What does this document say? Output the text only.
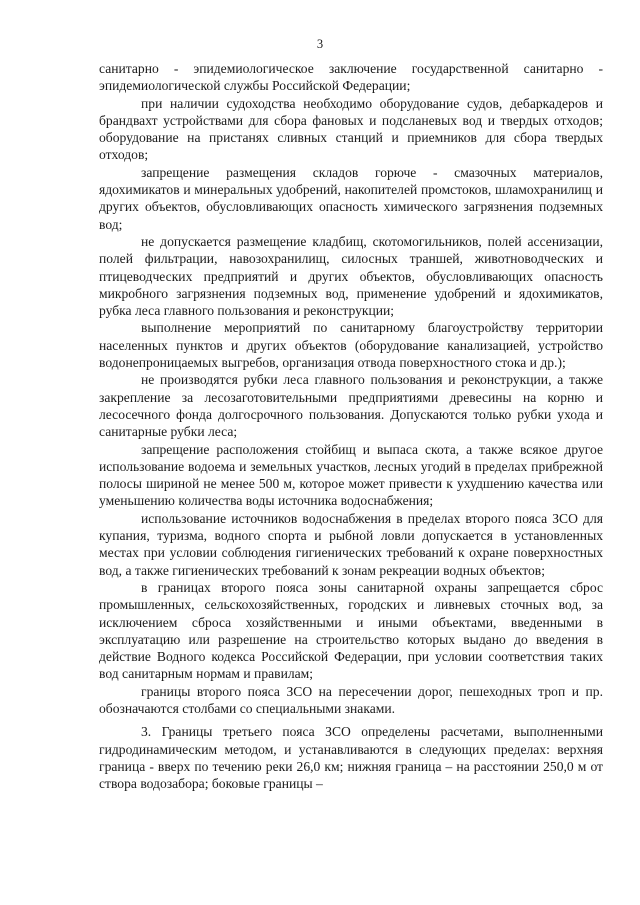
3

санитарно - эпидемиологическое заключение государственной санитарно - эпидемиологической службы Российской Федерации;

при наличии судоходства необходимо оборудование судов, дебаркадеров и брандвахт устройствами для сбора фановых и подсланевых вод и твердых отходов; оборудование на пристанях сливных станций и приемников для сбора твердых отходов;

запрещение размещения складов горюче - смазочных материалов, ядохимикатов и минеральных удобрений, накопителей промстоков, шламохранилищ и других объектов, обусловливающих опасность химического загрязнения подземных вод;

не допускается размещение кладбищ, скотомогильников, полей ассенизации, полей фильтрации, навозохранилищ, силосных траншей, животноводческих и птицеводческих предприятий и других объектов, обусловливающих опасность микробного загрязнения подземных вод, применение удобрений и ядохимикатов, рубка леса главного пользования и реконструкции;

выполнение мероприятий по санитарному благоустройству территории населенных пунктов и других объектов (оборудование канализацией, устройство водонепроницаемых выгребов, организация отвода поверхностного стока и др.);

не производятся рубки леса главного пользования и реконструкции, а также закрепление за лесозаготовительными предприятиями древесины на корню и лесосечного фонда долгосрочного пользования. Допускаются только рубки ухода и санитарные рубки леса;

запрещение расположения стойбищ и выпаса скота, а также всякое другое использование водоема и земельных участков, лесных угодий в пределах прибрежной полосы шириной не менее 500 м, которое может привести к ухудшению качества или уменьшению количества воды источника водоснабжения;

использование источников водоснабжения в пределах второго пояса ЗСО для купания, туризма, водного спорта и рыбной ловли допускается в установленных местах при условии соблюдения гигиенических требований к охране поверхностных вод, а также гигиенических требований к зонам рекреации водных объектов;

в границах второго пояса зоны санитарной охраны запрещается сброс промышленных, сельскохозяйственных, городских и ливневых сточных вод, за исключением сброса хозяйственными и иными объектами, введенными в эксплуатацию или разрешение на строительство которых выдано до введения в действие Водного кодекса Российской Федерации, при условии соответствия таких вод санитарным нормам и правилам;

границы второго пояса ЗСО на пересечении дорог, пешеходных троп и пр. обозначаются столбами со специальными знаками.

3. Границы третьего пояса ЗСО определены расчетами, выполненными гидродинамическим методом, и устанавливаются в следующих пределах: верхняя граница - вверх по течению реки 26,0 км; нижняя граница – на расстоянии 250,0 м от створа водозабора; боковые границы –
